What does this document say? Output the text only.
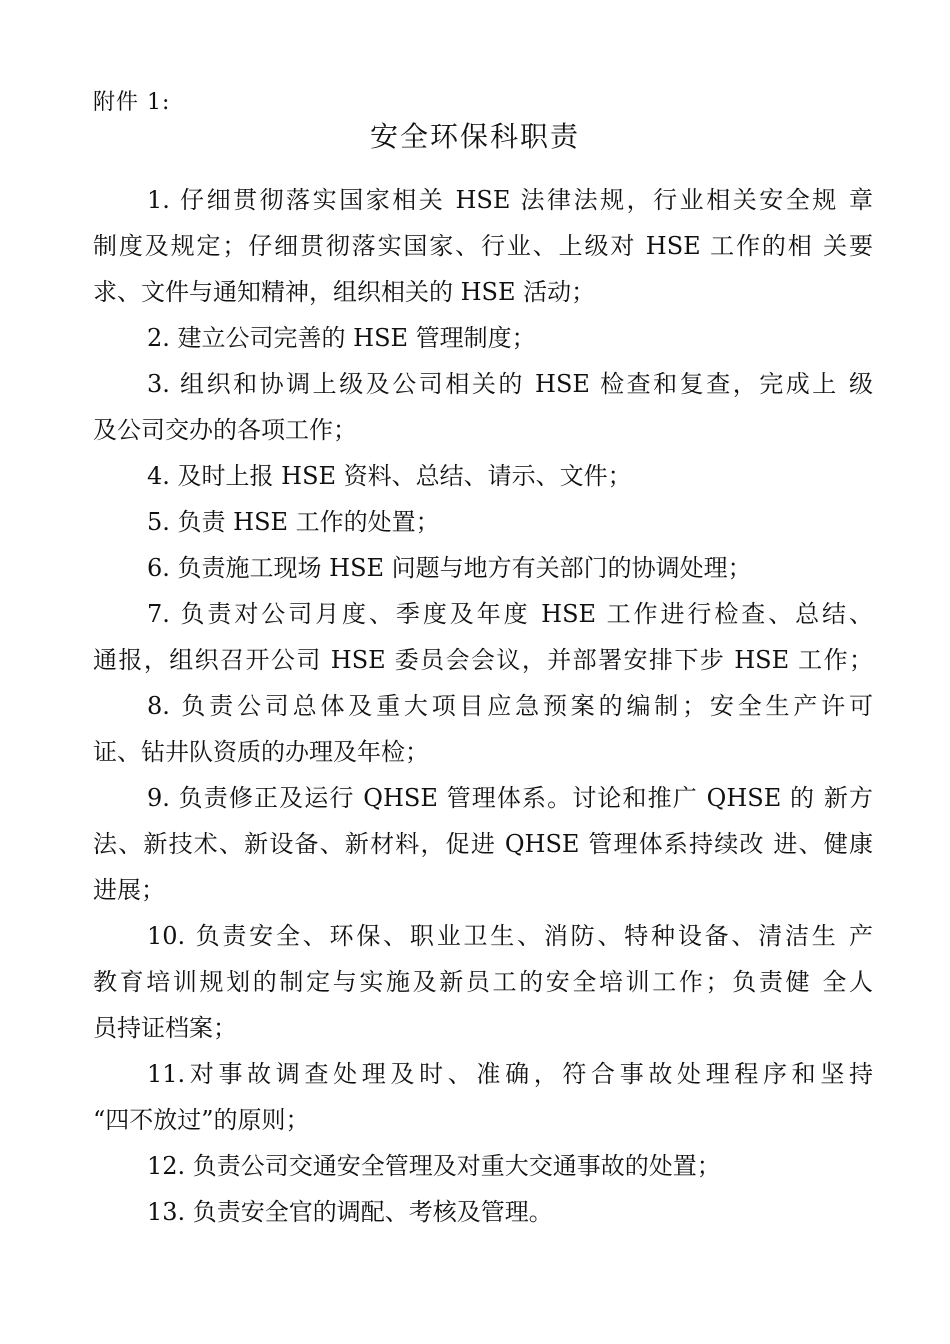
附件 1:
安全环保科职责
1. 仔细贯彻落实国家相关 HSE 法律法规，行业相关安全规 章
制度及规定；仔细贯彻落实国家、行业、上级对 HSE 工作的相 关要
求、文件与通知精神，组织相关的 HSE 活动；
2. 建立公司完善的 HSE 管理制度；
3. 组织和协调上级及公司相关的 HSE 检查和复查，完成上 级
及公司交办的各项工作；
4. 及时上报 HSE 资料、总结、请示、文件；
5. 负责 HSE 工作的处置；
6. 负责施工现场 HSE 问题与地方有关部门的协调处理；
7. 负责对公司月度、季度及年度 HSE 工作进行检查、总结、
通报，组织召开公司 HSE 委员会会议，并部署安排下步 HSE 工作；
8. 负责公司总体及重大项目应急预案的编制；安全生产许可
证、钻井队资质的办理及年检；
9. 负责修正及运行 QHSE 管理体系。讨论和推广 QHSE 的 新方
法、新技术、新设备、新材料，促进 QHSE 管理体系持续改 进、健康
进展；
10. 负责安全、环保、职业卫生、消防、特种设备、清洁生 产
教育培训规划的制定与实施及新员工的安全培训工作；负责健 全人
员持证档案；
11.对事故调查处理及时、准确，符合事故处理程序和坚持
“四不放过”的原则；
12. 负责公司交通安全管理及对重大交通事故的处置；
13. 负责安全官的调配、考核及管理。
